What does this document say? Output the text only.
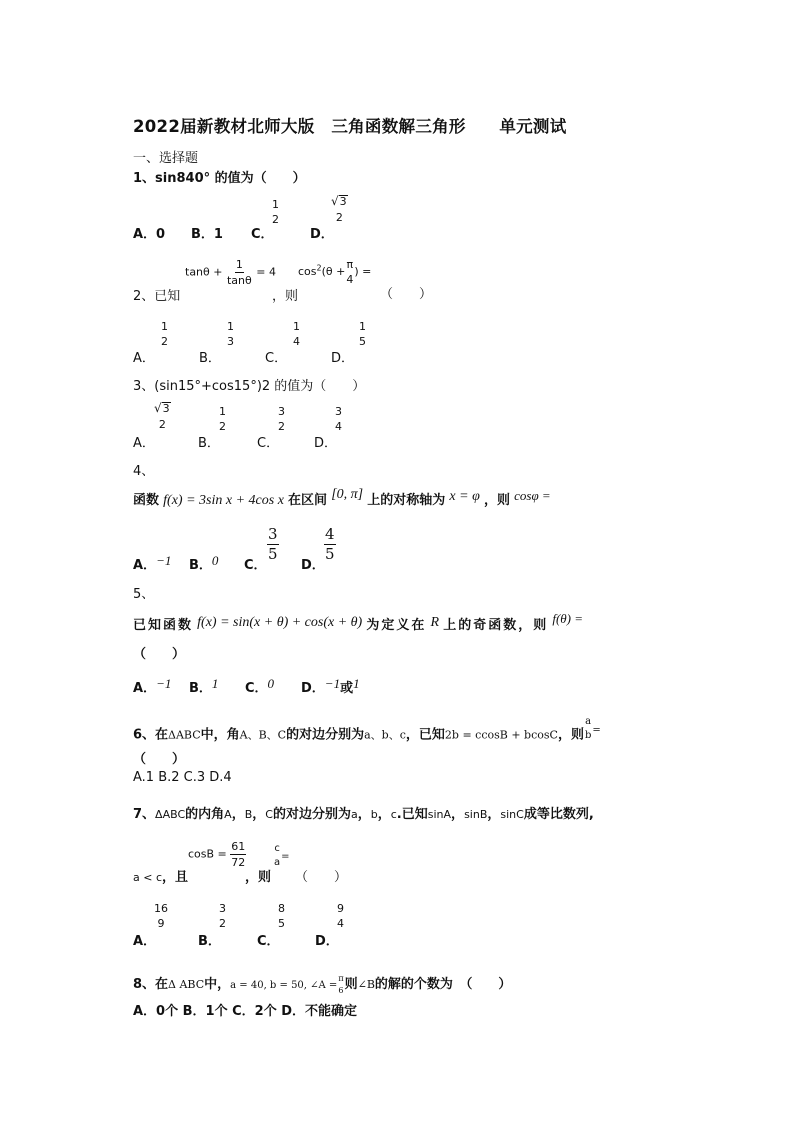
2022届新教材北师大版　三角函数解三角形　　单元测试
一、选择题
1、sin840° 的值为（　　）
A．0 B．1 C．
1
2
D．
√ 3
2
2、已知
$\tan\theta + \frac{1}{\tan\theta} = 4$
，则
$\cos^2(\theta$ +
π
4
) =
（　　）
A．
1
2
B．
1
3
C．
1
4
D．
1
5
3、(sin15°+cos15°)2 的值为（　　）
A．
√ 3
2
B．
1
2
C．
3
2
D．
3
4
4、
函数 f(x) = 3sin x + 4cos x 在区间 [0, π] 上的对称轴为 x = φ ，则 cosφ =
A．−1 B．0 C．
$\frac{3}{5}$
D．
$\frac{4}{5}$
5、
已知函数 f(x) = sin(x + θ) + cos(x + θ) 为定义在 R 上的奇函数，则 f(θ) =
（　　）
A．−1 B．1 C．0 D．−1或1
6、在ΔABC中，角A、B、C的对边分别为a、b、c，已知2b = ccosB + bcosC，则
a
b =
（　　）
A.1 B.2 C.3 D.4
7、ΔABC的内角A，B，C的对边分别为a，b，c.已知sinA，sinB，sinC成等比数列,
a < c，且
$\cos B = \frac{61}{72}$
，则
c
a
=
（　　）
A．
16
9
B．
3
2
C．
8
5
D．
9
4
8、在Δ ABC中，a = 40, b = 50, ∠A =
π
6 则∠B的解的个数为　（　　）
A．0个 B．1个 C．2个 D．不能确定
